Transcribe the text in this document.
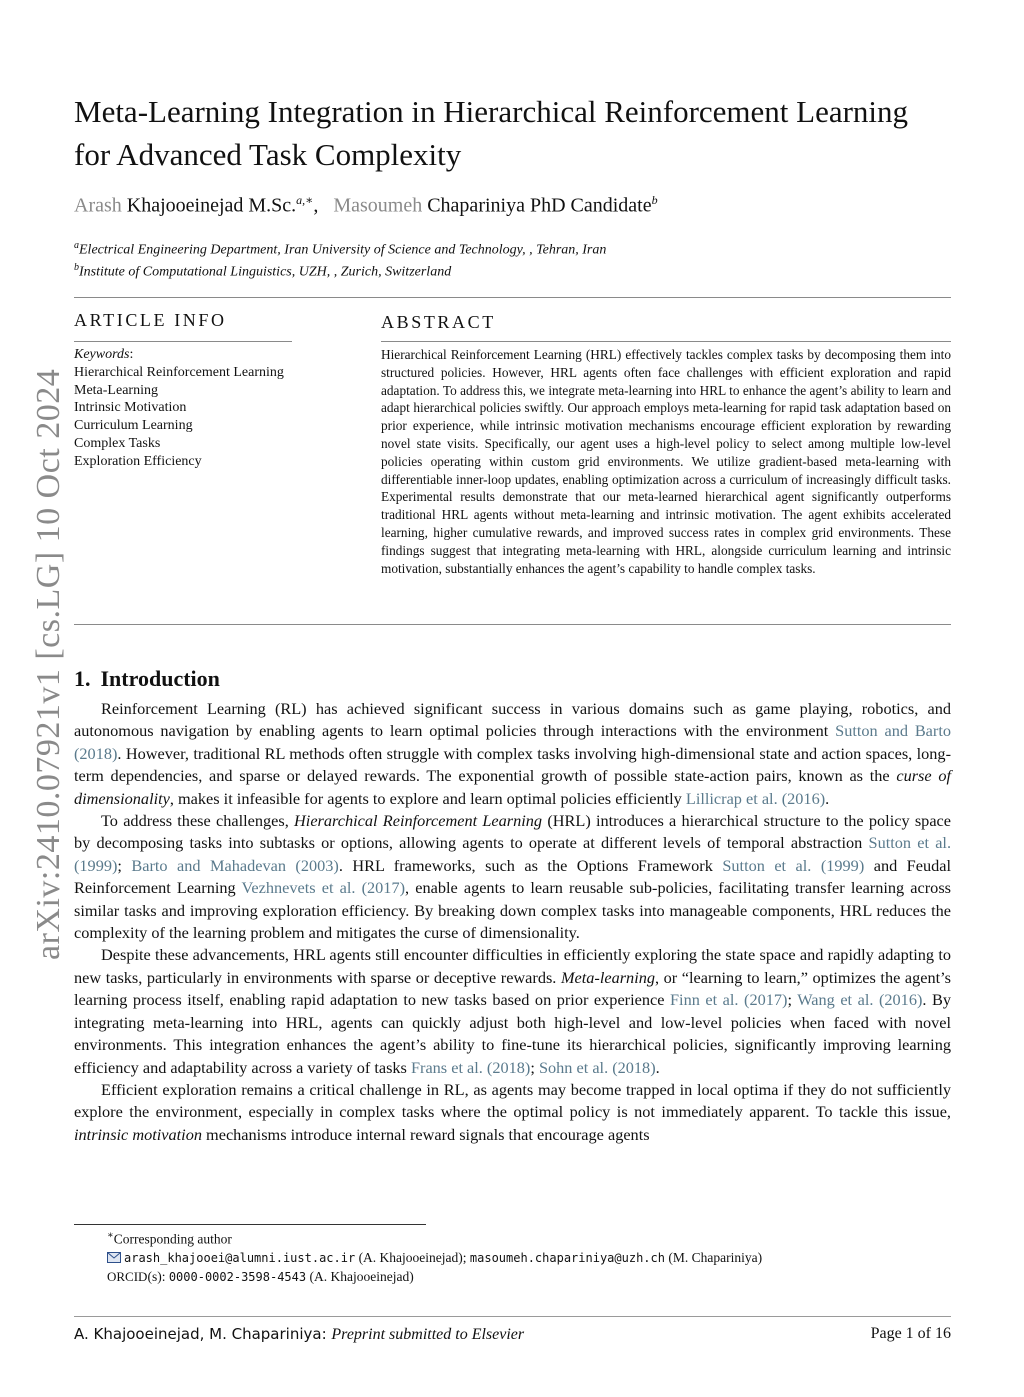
arXiv:2410.07921v1 [cs.LG] 10 Oct 2024
Meta-Learning Integration in Hierarchical Reinforcement Learning
for Advanced Task Complexity
Arash Khajooeinejad M.Sc.$^{a,∗}$,   Masoumeh Chapariniya PhD Candidate$^b$
$^a$Electrical Engineering Department, Iran University of Science and Technology, , Tehran, Iran
$^b$Institute of Computational Linguistics, UZH, , Zurich, Switzerland
ARTICLE INFO
Keywords:
Hierarchical Reinforcement Learning
Meta-Learning
Intrinsic Motivation
Curriculum Learning
Complex Tasks
Exploration Efficiency
ABSTRACT
Hierarchical Reinforcement Learning (HRL) effectively tackles complex tasks by decomposing them into structured policies. However, HRL agents often face challenges with efficient exploration and rapid adaptation. To address this, we integrate meta-learning into HRL to enhance the agent’s ability to learn and adapt hierarchical policies swiftly. Our approach employs meta-learning for rapid task adaptation based on prior experience, while intrinsic motivation mechanisms encourage efficient exploration by rewarding novel state visits. Specifically, our agent uses a high-level policy to select among multiple low-level policies operating within custom grid environments. We utilize gradient-based meta-learning with differentiable inner-loop updates, enabling optimization across a curriculum of increasingly difficult tasks. Experimental results demonstrate that our meta-learned hierarchical agent significantly outperforms traditional HRL agents without meta-learning and intrinsic motivation. The agent exhibits accelerated learning, higher cumulative rewards, and improved success rates in complex grid environments. These findings suggest that integrating meta-learning with HRL, alongside curriculum learning and intrinsic motivation, substantially enhances the agent’s capability to handle complex tasks.
1. Introduction

Reinforcement Learning (RL) has achieved significant success in various domains such as game playing, robotics, and autonomous navigation by enabling agents to learn optimal policies through interactions with the environment Sutton and Barto (2018). However, traditional RL methods often struggle with complex tasks involving high-dimensional state and action spaces, long-term dependencies, and sparse or delayed rewards. The exponential growth of possible state-action pairs, known as the curse of dimensionality, makes it infeasible for agents to explore and learn optimal policies efficiently Lillicrap et al. (2016).

To address these challenges, Hierarchical Reinforcement Learning (HRL) introduces a hierarchical structure to the policy space by decomposing tasks into subtasks or options, allowing agents to operate at different levels of temporal abstraction Sutton et al. (1999); Barto and Mahadevan (2003). HRL frameworks, such as the Options Framework Sutton et al. (1999) and Feudal Reinforcement Learning Vezhnevets et al. (2017), enable agents to learn reusable sub-policies, facilitating transfer learning across similar tasks and improving exploration efficiency. By breaking down complex tasks into manageable components, HRL reduces the complexity of the learning problem and mitigates the curse of dimensionality.

Despite these advancements, HRL agents still encounter difficulties in efficiently exploring the state space and rapidly adapting to new tasks, particularly in environments with sparse or deceptive rewards. Meta-learning, or “learning to learn,” optimizes the agent’s learning process itself, enabling rapid adaptation to new tasks based on prior experience Finn et al. (2017); Wang et al. (2016). By integrating meta-learning into HRL, agents can quickly adjust both high-level and low-level policies when faced with novel environments. This integration enhances the agent’s ability to fine-tune its hierarchical policies, significantly improving learning efficiency and adaptability across a variety of tasks Frans et al. (2018); Sohn et al. (2018).

Efficient exploration remains a critical challenge in RL, as agents may become trapped in local optima if they do not sufficiently explore the environment, especially in complex tasks where the optimal policy is not immediately apparent. To tackle this issue, intrinsic motivation mechanisms introduce internal reward signals that encourage agents

∗Corresponding author
arash_khajooei@alumni.iust.ac.ir (A. Khajooeinejad); masoumeh.chapariniya@uzh.ch (M. Chapariniya)
ORCID(s): 0000-0002-3598-4543 (A. Khajooeinejad)
A. Khajooeinejad, M. Chapariniya: Preprint submitted to Elsevier	Page 1 of 16
